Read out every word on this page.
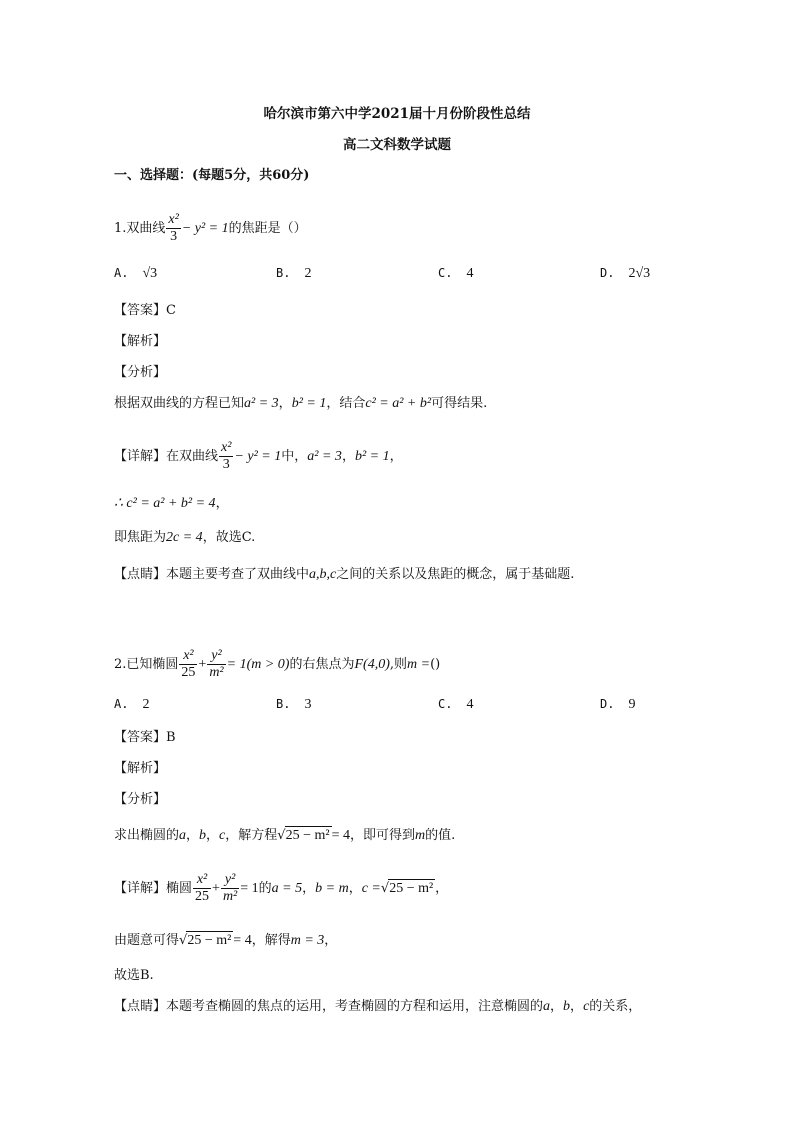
哈尔滨市第六中学2021届十月份阶段性总结
高二文科数学试题
一、选择题：(每题5分，共60分)
1.双曲线 $\frac{\text{x²}}{3} - y^2 = 1$的焦距是（）
A. √3	B. 2	C. 4	D. 2√3
【答案】C
【解析】
【分析】
根据双曲线的方程已知a² = 3，b² = 1，结合c² = a² + b²可得结果.
【详解】在双曲线 $\frac{\text{x²}}{3} - y^2 = 1$中，a² = 3，b² = 1，
∴ c² = a² + b² = 4，
即焦距为2c = 4，故选C.
【点睛】本题主要考查了双曲线中a,b,c之间的关系以及焦距的概念，属于基础题.
2.已知椭圆 $\frac{\text{x²}}{25} + \frac{\text{y²}}{\text{m²}} = 1(m > 0)$的右焦点为F(4,0),则m =()
A. 2	B. 3	C. 4	D. 9
【答案】B
【解析】
【分析】
求出椭圆的a，b，c，解方程√25 − m² = 4，即可得到m的值.
【详解】椭圆 $\frac{\text{x²}}{25} + \frac{\text{y²}}{\text{m²}} = 1$的a = 5，b = m，c =√25 − m² ，
由题意可得√25 − m² = 4，解得m = 3，
故选B.
【点睛】本题考查椭圆的焦点的运用，考查椭圆的方程和运用，注意椭圆的a，b，c的关系，
